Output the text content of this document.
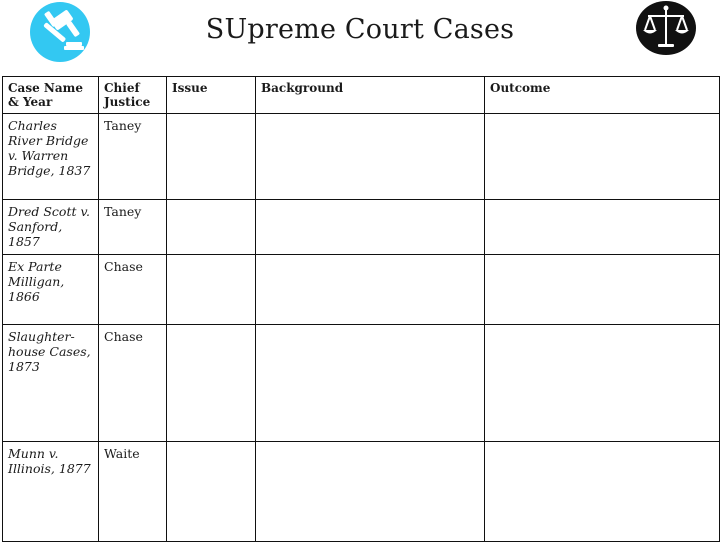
SUpreme Court Cases
Case Name & Year	Chief Justice	Issue	Background	Outcome
Charles River Bridge v. Warren Bridge, 1837	Taney			
Dred Scott v. Sanford, 1857	Taney			
Ex Parte Milligan, 1866	Chase			
Slaughter-house Cases, 1873	Chase			
Munn v. Illinois, 1877	Waite			
